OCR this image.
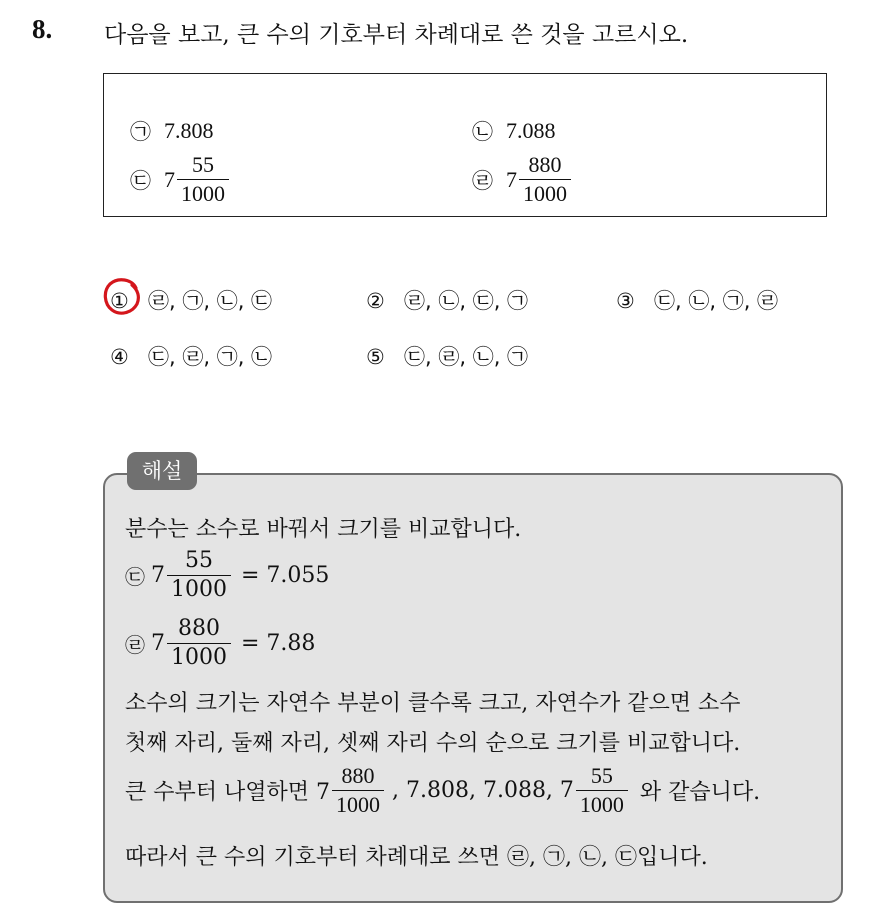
8. 다음을 보고, 큰 수의 기호부터 차례대로 쓴 것을 고르시오.
㉠ 7.808	㉡ 7.088
㉢ $7 \frac{55}{1000}$	㉣ $7 \frac{880}{1000}$
① ㉣, ㉠, ㉡, ㉢	② ㉣, ㉡, ㉢, ㉠	③ ㉢, ㉡, ㉠, ㉣
④ ㉢, ㉣, ㉠, ㉡	⑤ ㉢, ㉣, ㉡, ㉠
해설
분수는 소수로 바꿔서 크기를 비교합니다.
㉢ $7 \frac{55}{1000} = 7.055$
㉣ $7 \frac{880}{1000} = 7.88$
소수의 크기는 자연수 부분이 클수록 크고, 자연수가 같으면 소수
첫째 자리, 둘째 자리, 셋째 자리 수의 순으로 크기를 비교합니다.
큰 수부터 나열하면 $7 \frac{880}{1000}$ , 7.808, 7.088, $7 \frac{55}{1000}$ 와 같습니다.
따라서 큰 수의 기호부터 차례대로 쓰면 ㉣, ㉠, ㉡, ㉢입니다.
